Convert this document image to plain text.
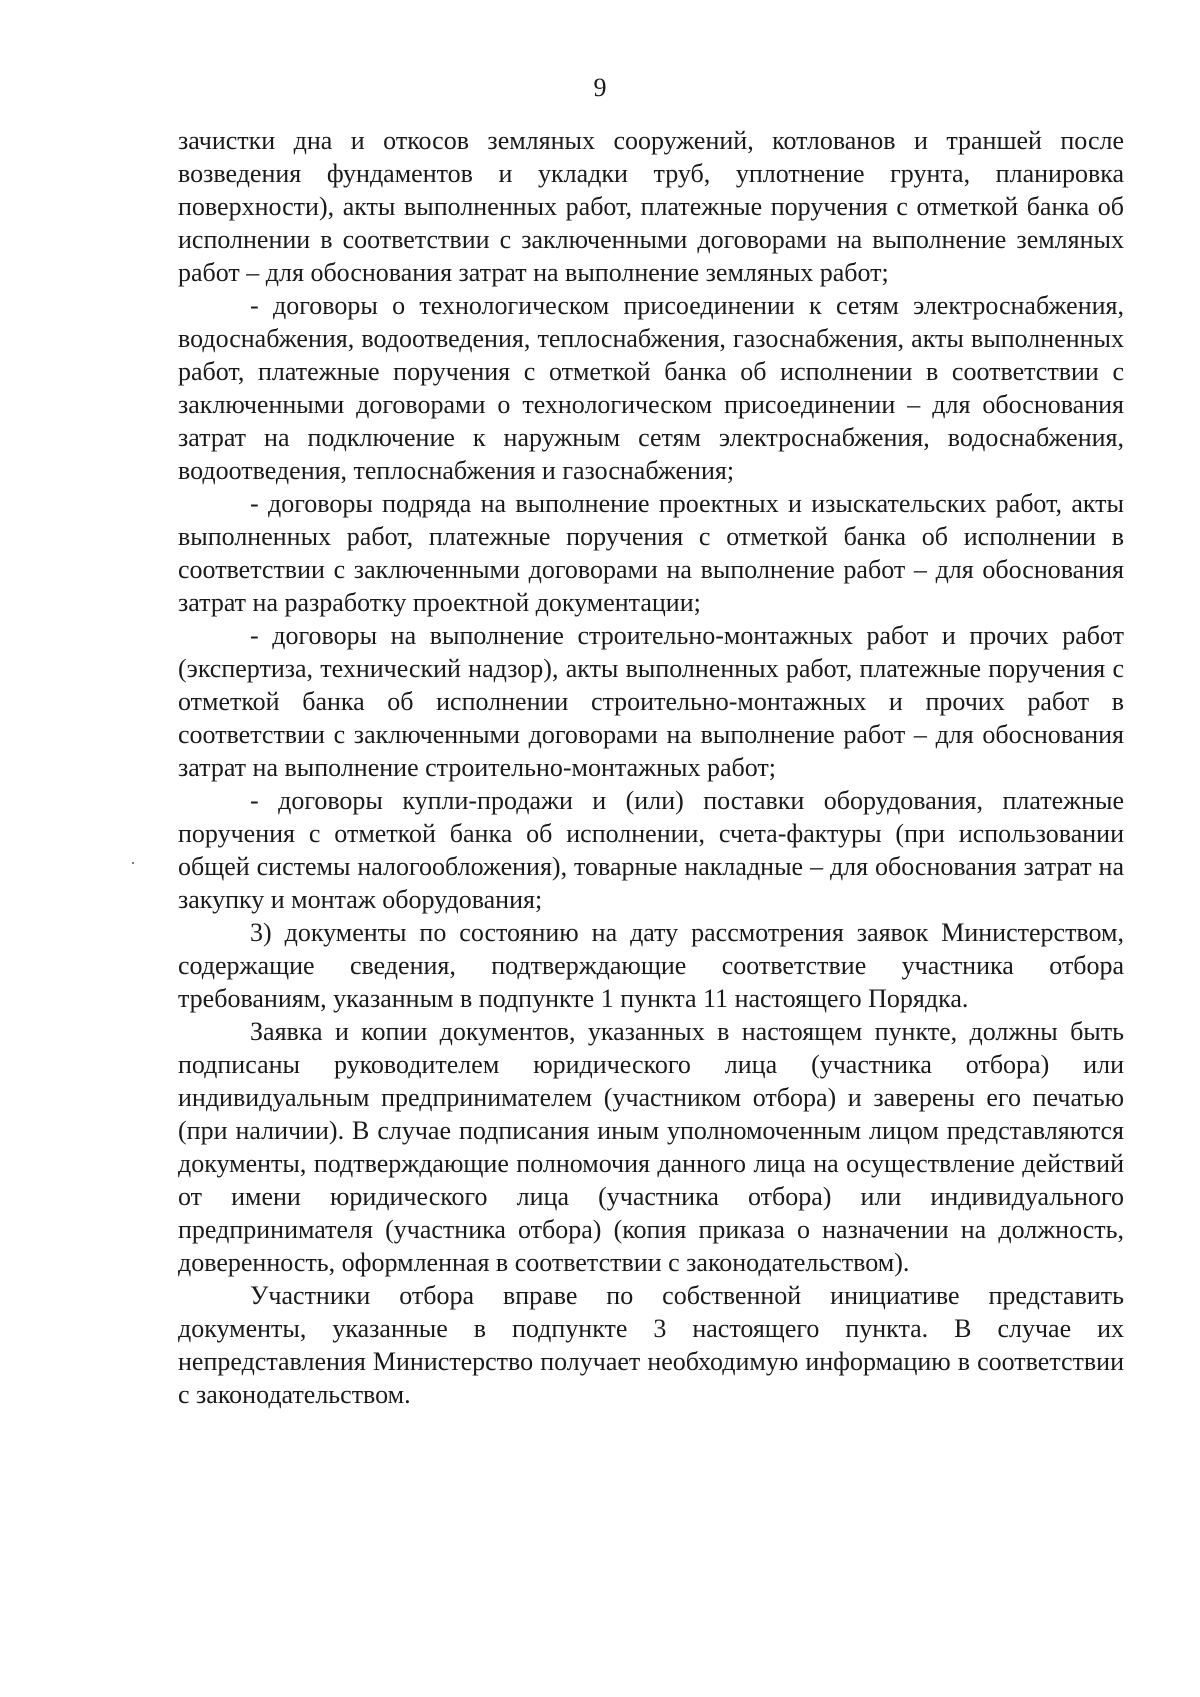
9

зачистки дна и откосов земляных сооружений, котлованов и траншей после возведения фундаментов и укладки труб, уплотнение грунта, планировка поверхности), акты выполненных работ, платежные поручения с отметкой банка об исполнении в соответствии с заключенными договорами на выполнение земляных работ – для обоснования затрат на выполнение земляных работ;

- договоры о технологическом присоединении к сетям электроснабжения, водоснабжения, водоотведения, теплоснабжения, газоснабжения, акты выполненных работ, платежные поручения с отметкой банка об исполнении в соответствии с заключенными договорами о технологическом присоединении – для обоснования затрат на подключение к наружным сетям электроснабжения, водоснабжения, водоотведения, теплоснабжения и газоснабжения;

- договоры подряда на выполнение проектных и изыскательских работ, акты выполненных работ, платежные поручения с отметкой банка об исполнении в соответствии с заключенными договорами на выполнение работ – для обоснования затрат на разработку проектной документации;

- договоры на выполнение строительно-монтажных работ и прочих работ (экспертиза, технический надзор), акты выполненных работ, платежные поручения с отметкой банка об исполнении строительно-монтажных и прочих работ в соответствии с заключенными договорами на выполнение работ – для обоснования затрат на выполнение строительно-монтажных работ;

- договоры купли-продажи и (или) поставки оборудования, платежные поручения с отметкой банка об исполнении, счета-фактуры (при использовании общей системы налогообложения), товарные накладные – для обоснования затрат на закупку и монтаж оборудования;

3) документы по состоянию на дату рассмотрения заявок Министерством, содержащие сведения, подтверждающие соответствие участника отбора требованиям, указанным в подпункте 1 пункта 11 настоящего Порядка.

Заявка и копии документов, указанных в настоящем пункте, должны быть подписаны руководителем юридического лица (участника отбора) или индивидуальным предпринимателем (участником отбора) и заверены его печатью (при наличии). В случае подписания иным уполномоченным лицом представляются документы, подтверждающие полномочия данного лица на осуществление действий от имени юридического лица (участника отбора) или индивидуального предпринимателя (участника отбора) (копия приказа о назначении на должность, доверенность, оформленная в соответствии с законодательством).

Участники отбора вправе по собственной инициативе представить документы, указанные в подпункте 3 настоящего пункта. В случае их непредставления Министерство получает необходимую информацию в соответствии с законодательством.
